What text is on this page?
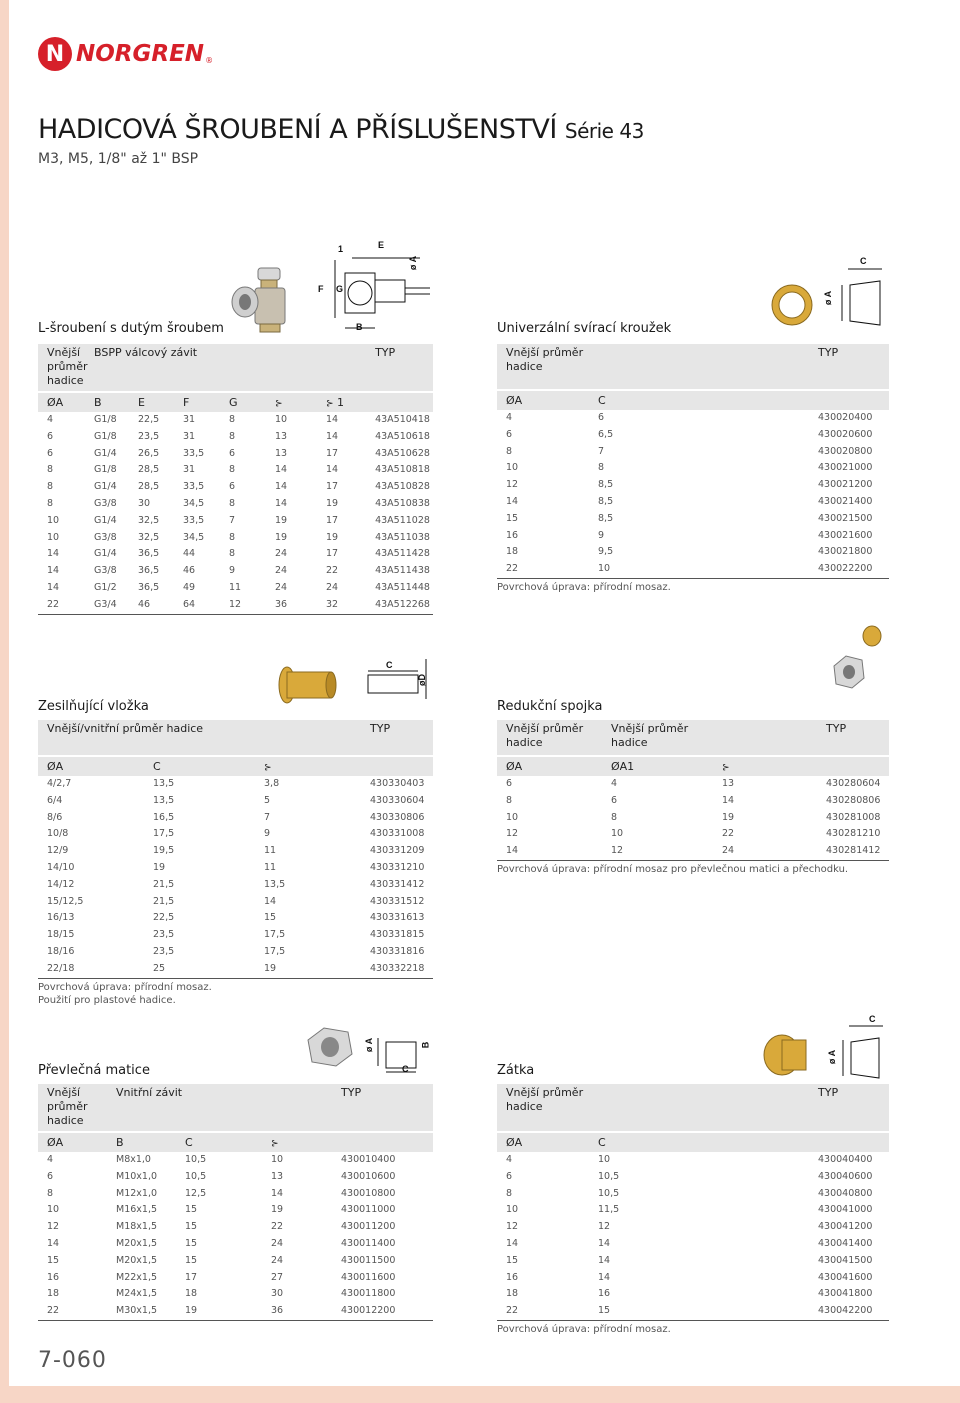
N NORGREN ®
HADICOVÁ ŠROUBENÍ A PŘÍSLUŠENSTVÍ Série 43
M3, M5, 1/8" až 1" BSP
E
1
ø A
F G
B
L-šroubení s dutým šroubem
Vnější průměr hadice	BSPP válcový závit						TYP
ØA	B	E	F	G	⊱	⊱ 1	
4	G1/8	22,5	31	8	10	14	43A510418
6	G1/8	23,5	31	8	13	14	43A510618
6	G1/4	26,5	33,5	6	13	17	43A510628
8	G1/8	28,5	31	8	14	14	43A510818
8	G1/4	28,5	33,5	6	14	17	43A510828
8	G3/8	30	34,5	8	14	19	43A510838
10	G1/4	32,5	33,5	7	19	17	43A511028
10	G3/8	32,5	34,5	8	19	19	43A511038
14	G1/4	36,5	44	8	24	17	43A511428
14	G3/8	36,5	46	9	24	22	43A511438
14	G1/2	36,5	49	11	24	24	43A511448
22	G3/4	46	64	12	36	32	43A512268
C
ø A
Univerzální svírací kroužek
Vnější průměr hadice		TYP
ØA	C	
4	6	430020400
6	6,5	430020600
8	7	430020800
10	8	430021000
12	8,5	430021200
14	8,5	430021400
15	8,5	430021500
16	9	430021600
18	9,5	430021800
22	10	430022200
Povrchová úprava: přírodní mosaz.
C
øD
Zesilňující vložka
Vnější/vnitřní průměr hadice			TYP
ØA	C	⊱	
4/2,7	13,5	3,8	430330403
6/4	13,5	5	430330604
8/6	16,5	7	430330806
10/8	17,5	9	430331008
12/9	19,5	11	430331209
14/10	19	11	430331210
14/12	21,5	13,5	430331412
15/12,5	21,5	14	430331512
16/13	22,5	15	430331613
18/15	23,5	17,5	430331815
18/16	23,5	17,5	430331816
22/18	25	19	430332218
Povrchová úprava: přírodní mosaz.
Použití pro plastové hadice.
Redukční spojka
Vnější průměr hadice	Vnější průměr hadice		TYP
ØA	ØA1	⊱	
6	4	13	430280604
8	6	14	430280806
10	8	19	430281008
12	10	22	430281210
14	12	24	430281412
Povrchová úprava: přírodní mosaz pro převlečnou matici a přechodku.
ø A	B
C
Převlečná matice
Vnější průměr hadice	Vnitřní závit			TYP
ØA	B	C	⊱	
4	M8x1,0	10,5	10	430010400
6	M10x1,0	10,5	13	430010600
8	M12x1,0	12,5	14	430010800
10	M16x1,5	15	19	430011000
12	M18x1,5	15	22	430011200
14	M20x1,5	15	24	430011400
15	M20x1,5	15	24	430011500
16	M22x1,5	17	27	430011600
18	M24x1,5	18	30	430011800
22	M30x1,5	19	36	430012200
C
ø A
Zátka
Vnější průměr hadice		TYP
ØA	C	
4	10	430040400
6	10,5	430040600
8	10,5	430040800
10	11,5	430041000
12	12	430041200
14	14	430041400
15	14	430041500
16	14	430041600
18	16	430041800
22	15	430042200
Povrchová úprava: přírodní mosaz.
7-060
